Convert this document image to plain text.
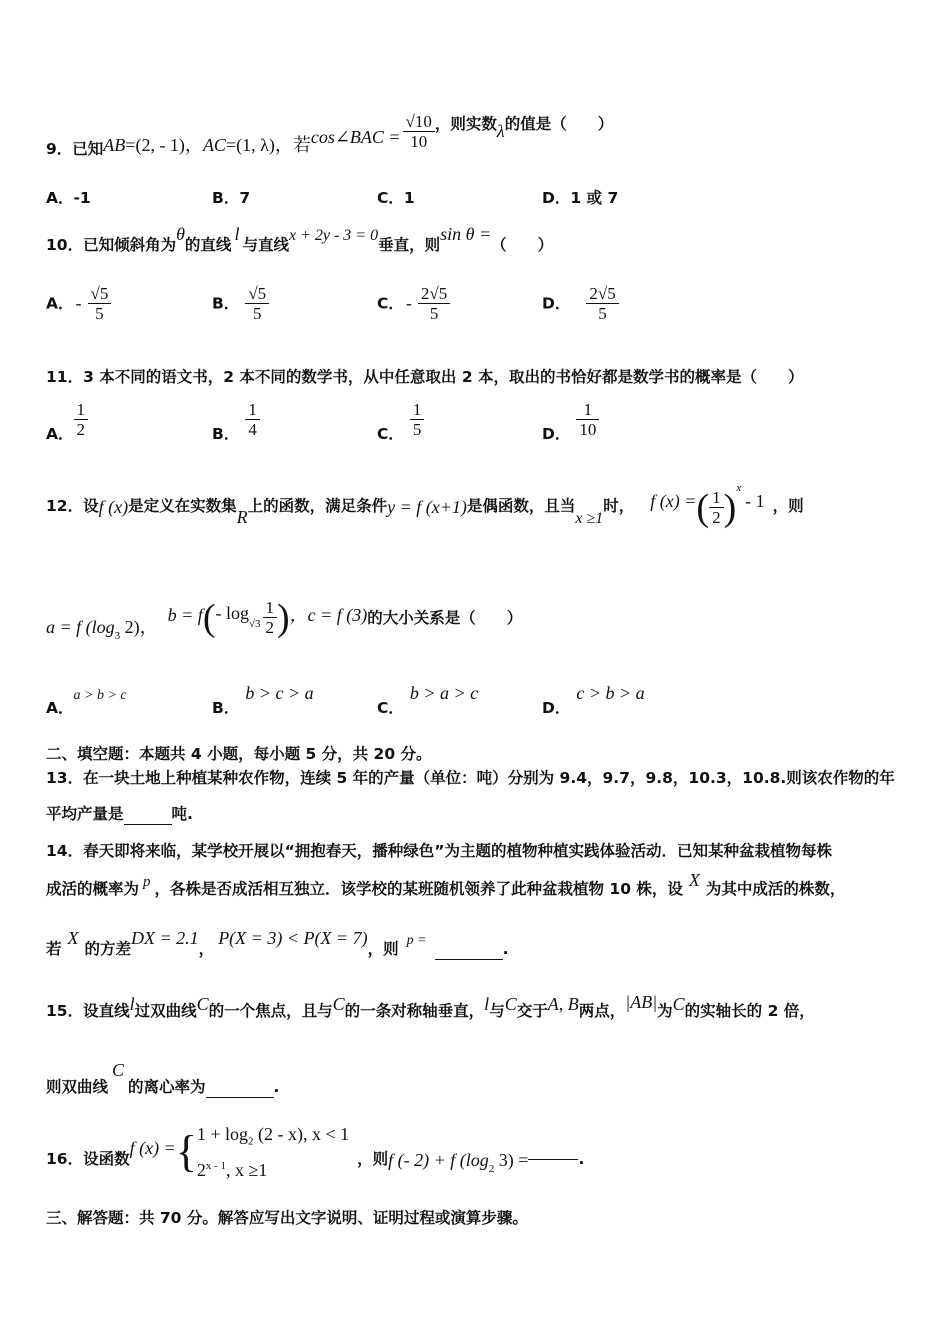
9．已知AB=(2, - 1)，AC=(1, λ)，若cos∠BAC = $\frac{√10}{10}$ ，则实数λ的值是（　　）
A．-1	B．7	C．1	D．1 或 7
10．已知倾斜角为θ的直线l与直线x + 2y - 3 = 0垂直，则sin θ =（　　）
A． - $\frac{√5}{5}$	B． $\frac{√5}{5}$	C． - $\frac{2√5}{5}$	D． $\frac{2√5}{5}$
11．3 本不同的语文书，2 本不同的数学书，从中任意取出 2 本，取出的书恰好都是数学书的概率是（　　）
A． $\frac{1}{2}$	B． $\frac{1}{4}$	C． $\frac{1}{5}$	D． $\frac{1}{10}$
12．设f (x)是定义在实数集R上的函数，满足条件y = f (x+1)是偶函数，且当x ≥1时， f (x) =( $\frac{1}{2} )^x-$ 1 ，则
a = f ($\log_3$ 2)，b = f(- $\log_{√3} \frac{1}{2}$ )，c = f (3)的大小关系是（　　）
A．a > b > c
B．b > c > a
C．b > a > c
D．c > b > a
二、填空题：本题共 4 小题，每小题 5 分，共 20 分。
13．在一块土地上种植某种农作物，连续 5 年的产量（单位：吨）分别为 9.4，9.7，9.8，10.3，10.8.则该农作物的年
平均产量是	吨.
14．春天即将来临，某学校开展以“拥抱春天，播种绿色”为主题的植物种植实践体验活动．已知某种盆栽植物每株
成活的概率为 p ，各株是否成活相互独立．该学校的某班随机领养了此种盆栽植物 10 株，设 X 为其中成活的株数，
若X的方差DX = 2.1，P(X = 3) < P(X = 7)，则 p =	.
15．设直线l过双曲线C的一个焦点，且与C的一条对称轴垂直，l与C交于A, B两点，|AB|为C的实轴长的 2 倍，
则双曲线C的离心率为	.
16．设函数f (x) ={ $1 + \log_2 (2 - x)$, x < 1
2$^{x - 1}$, x ≥1
，则f (- 2) + f ($\log_2$ 3) =	.
三、解答题：共 70 分。解答应写出文字说明、证明过程或演算步骤。
